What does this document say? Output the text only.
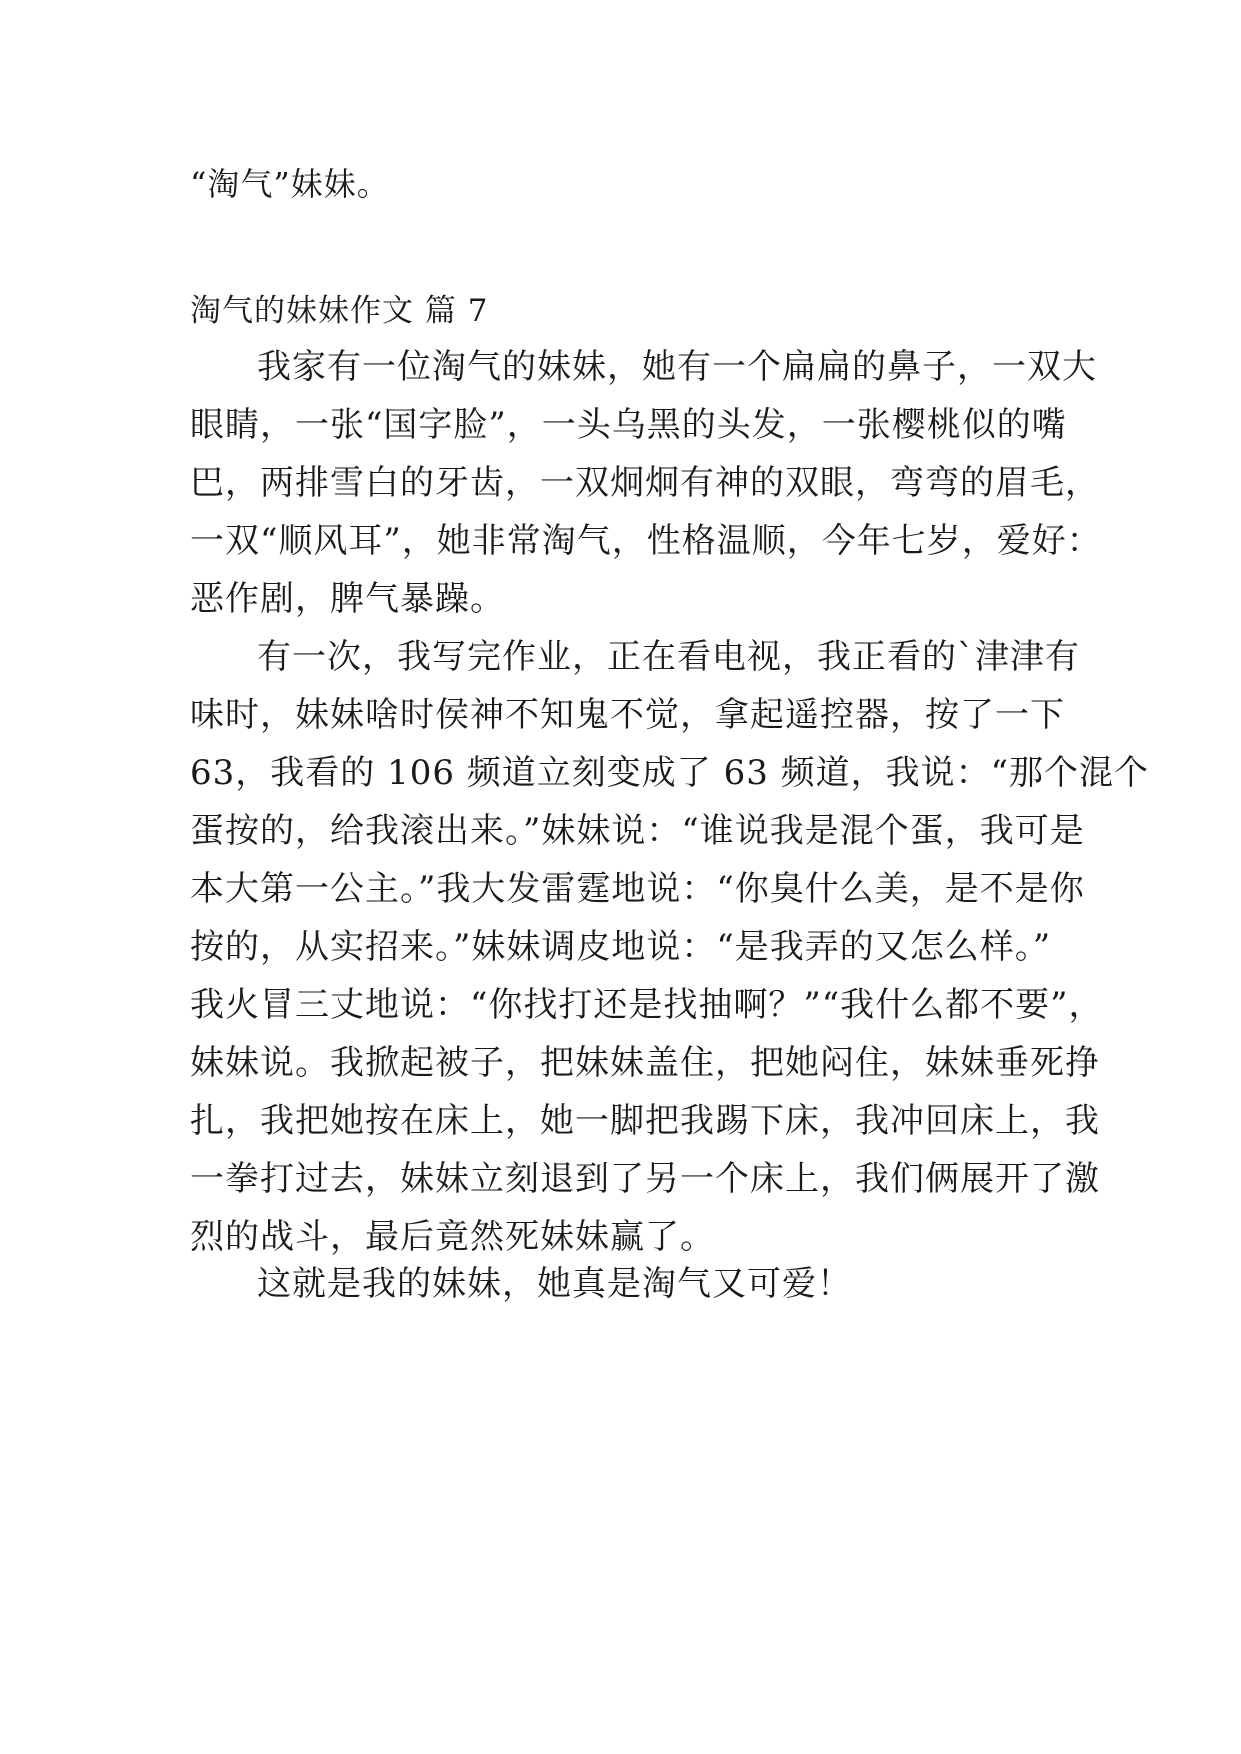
“淘气”妹妹。
淘气的妹妹作文 篇 7
我家有一位淘气的妹妹，她有一个扁扁的鼻子，一双大
眼睛，一张“国字脸”，一头乌黑的头发，一张樱桃似的嘴
巴，两排雪白的牙齿，一双炯炯有神的双眼，弯弯的眉毛，
一双“顺风耳”，她非常淘气，性格温顺，今年七岁，爱好：
恶作剧，脾气暴躁。
有一次，我写完作业，正在看电视，我正看的`津津有
味时，妹妹啥时侯神不知鬼不觉，拿起遥控器，按了一下
63，我看的 106 频道立刻变成了 63 频道，我说：“那个混个
蛋按的，给我滚出来。”妹妹说：“谁说我是混个蛋，我可是
本大第一公主。”我大发雷霆地说：“你臭什么美，是不是你
按的，从实招来。”妹妹调皮地说：“是我弄的又怎么样。”
我火冒三丈地说：“你找打还是找抽啊？”“我什么都不要”，
妹妹说。我掀起被子，把妹妹盖住，把她闷住，妹妹垂死挣
扎，我把她按在床上，她一脚把我踢下床，我冲回床上，我
一拳打过去，妹妹立刻退到了另一个床上，我们俩展开了激
烈的战斗，最后竟然死妹妹赢了。
这就是我的妹妹，她真是淘气又可爱！
